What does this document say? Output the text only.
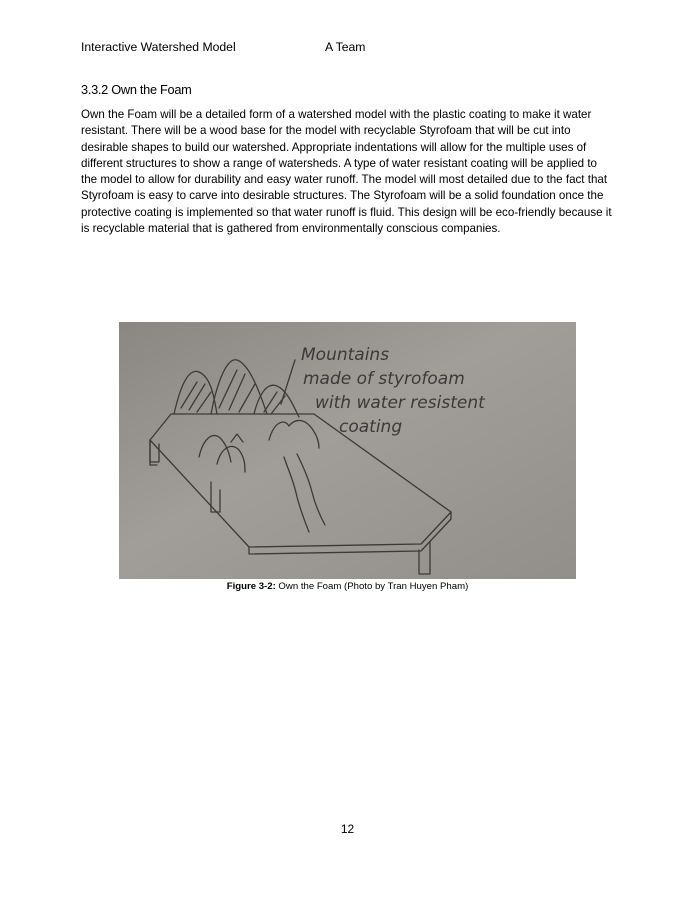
Interactive Watershed Model	A Team
3.3.2 Own the Foam

Own the Foam will be a detailed form of a watershed model with the plastic coating to make it water resistant. There will be a wood base for the model with recyclable Styrofoam that will be cut into desirable shapes to build our watershed. Appropriate indentations will allow for the multiple uses of different structures to show a range of watersheds. A type of water resistant coating will be applied to the model to allow for durability and easy water runoff. The model will most detailed due to the fact that Styrofoam is easy to carve into desirable structures. The Styrofoam will be a solid foundation once the protective coating is implemented so that water runoff is fluid. This design will be eco-friendly because it is recyclable material that is gathered from environmentally conscious companies.

Mountains
made of styrofoam
with water resistent
coating
Figure 3-2: Own the Foam (Photo by Tran Huyen Pham)
12
